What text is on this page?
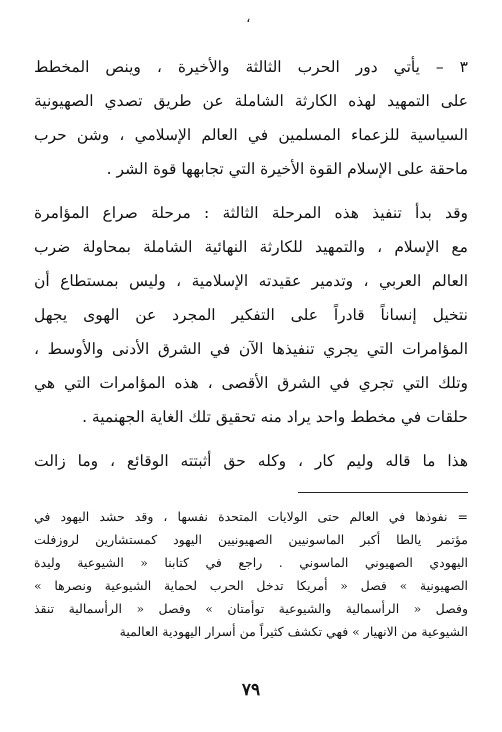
،
٣ – يأتي دور الحرب الثالثة والأخيرة ، وينص المخطط
على التمهيد لهذه الكارثة الشاملة عن طريق تصدي الصهيونية
السياسية للزعماء المسلمين في العالم الإسلامي ، وشن حرب
ماحقة على الإسلام القوة الأخيرة التي تجابهها قوة الشر .
وقد بدأ تنفيذ هذه المرحلة الثالثة : مرحلة صراع المؤامرة
مع الإسلام ، والتمهيد للكارثة النهائية الشاملة بمحاولة ضرب
العالم العربي ، وتدمير عقيدته الإسلامية ، وليس بمستطاع أن
نتخيل إنساناً قادراً على التفكير المجرد عن الهوى يجهل
المؤامرات التي يجري تنفيذها الآن في الشرق الأدنى والأوسط ،
وتلك التي تجري في الشرق الأقصى ، هذه المؤامرات التي هي
حلقات في مخطط واحد يراد منه تحقيق تلك الغاية الجهنمية .
هذا ما قاله وليم كار ، وكله حق أثبتته الوقائع ، وما زالت
= نفوذها في العالم حتى الولايات المتحدة نفسها ، وقد حشد اليهود في
مؤتمر يالطا أكبر الماسونيين الصهيونيين اليهود كمستشارين لروزفلت
اليهودي الصهيوني الماسوني . راجع في كتابنا « الشيوعية وليدة
الصهيونية » فصل « أمريكا تدخل الحرب لحماية الشيوعية ونصرها »
وفصل « الرأسمالية والشيوعية توأمتان » وفصل « الرأسمالية تنقذ
الشيوعية من الانهيار » فهي تكشف كثيراً من أسرار اليهودية العالمية
٧٩
